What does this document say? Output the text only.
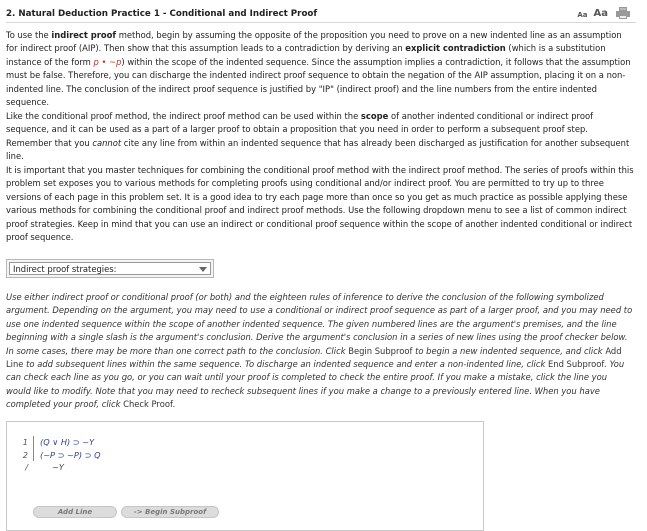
2. Natural Deduction Practice 1 - Conditional and Indirect Proof	Aa Aa

To use the indirect proof method, begin by assuming the opposite of the proposition you need to prove on a new indented line as an assumption for indirect proof (AIP). Then show that this assumption leads to a contradiction by deriving an explicit contradiction (which is a substitution instance of the form p • ~p) within the scope of the indented sequence. Since the assumption implies a contradiction, it follows that the assumption must be false. Therefore, you can discharge the indented indirect proof sequence to obtain the negation of the AIP assumption, placing it on a non-indented line. The conclusion of the indirect proof sequence is justified by "IP" (indirect proof) and the line numbers from the entire indented sequence.

Like the conditional proof method, the indirect proof method can be used within the scope of another indented conditional or indirect proof sequence, and it can be used as a part of a larger proof to obtain a proposition that you need in order to perform a subsequent proof step. Remember that you cannot cite any line from within an indented sequence that has already been discharged as justification for another subsequent line.

It is important that you master techniques for combining the conditional proof method with the indirect proof method. The series of proofs within this problem set exposes you to various methods for completing proofs using conditional and/or indirect proof. You are permitted to try up to three versions of each page in this problem set. It is a good idea to try each page more than once so you get as much practice as possible applying these various methods for combining the conditional proof and indirect proof methods. Use the following dropdown menu to see a list of common indirect proof strategies. Keep in mind that you can use an indirect or conditional proof sequence within the scope of another indented conditional or indirect proof sequence.

Indirect proof strategies:

Use either indirect proof or conditional proof (or both) and the eighteen rules of inference to derive the conclusion of the following symbolized argument. Depending on the argument, you may need to use a conditional or indirect proof sequence as part of a larger proof, and you may need to use one indented sequence within the scope of another indented sequence. The given numbered lines are the argument's premises, and the line beginning with a single slash is the argument's conclusion. Derive the argument's conclusion in a series of new lines using the proof checker below. In some cases, there may be more than one correct path to the conclusion. Click Begin Subproof to begin a new indented sequence, and click Add Line to add subsequent lines within the same sequence. To discharge an indented sequence and enter a non-indented line, click End Subproof. You can check each line as you go, or you can wait until your proof is completed to check the entire proof. If you make a mistake, click the line you would like to modify. Note that you may need to recheck subsequent lines if you make a change to a previously entered line. When you have completed your proof, click Check Proof.

1 (Q ∨ H) ⊃ ~Y
2 (~P ⊃ ~P) ⊃ Q
/	~Y
Add Line	-> Begin Subproof
